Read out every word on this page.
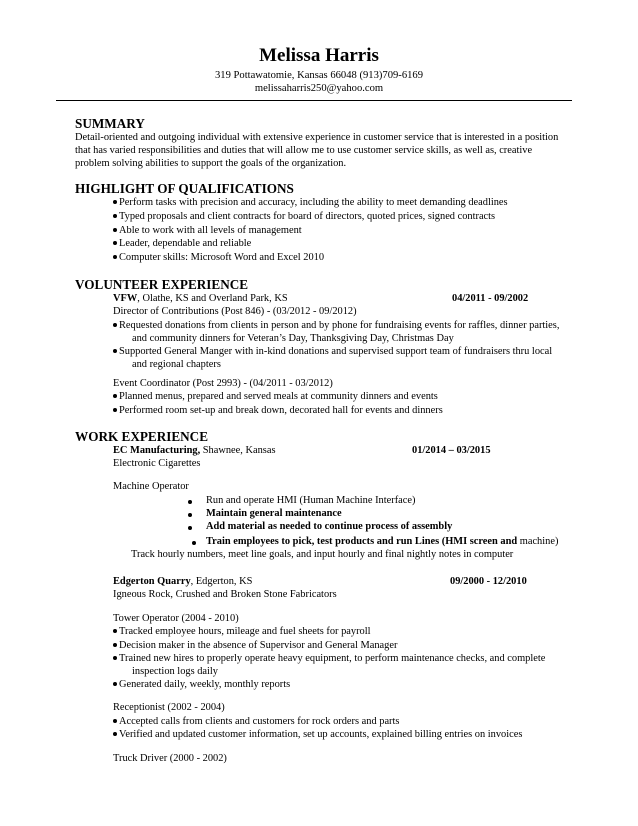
Melissa Harris
319 Pottawatomie, Kansas 66048 (913)709-6169
melissaharris250@yahoo.com
SUMMARY
Detail-oriented and outgoing individual with extensive experience in customer service that is interested in a position
that has varied responsibilities and duties that will allow me to use customer service skills, as well as, creative
problem solving abilities to support the goals of the organization.
HIGHLIGHT OF QUALIFICATIONS
Perform tasks with precision and accuracy, including the ability to meet demanding deadlines
Typed proposals and client contracts for board of directors, quoted prices, signed contracts
Able to work with all levels of management
Leader, dependable and reliable
Computer skills: Microsoft Word and Excel 2010
VOLUNTEER EXPERIENCE
VFW, Olathe, KS and Overland Park, KS	04/2011 - 09/2002
Director of Contributions (Post 846) - (03/2012 - 09/2012)
Requested donations from clients in person and by phone for fundraising events for raffles, dinner parties,
and community dinners for Veteran’s Day, Thanksgiving Day, Christmas Day
Supported General Manger with in-kind donations and supervised support team of fundraisers thru local
and regional chapters
Event Coordinator (Post 2993) - (04/2011 - 03/2012)
Planned menus, prepared and served meals at community dinners and events
Performed room set-up and break down, decorated hall for events and dinners
WORK EXPERIENCE
EC Manufacturing, Shawnee, Kansas	01/2014 – 03/2015
Electronic Cigarettes
Machine Operator
Run and operate HMI (Human Machine Interface)
Maintain general maintenance
Add material as needed to continue process of assembly
Train employees to pick, test products and run Lines (HMI screen and machine)
Track hourly numbers, meet line goals, and input hourly and final nightly notes in computer
Edgerton Quarry, Edgerton, KS	09/2000 - 12/2010
Igneous Rock, Crushed and Broken Stone Fabricators
Tower Operator (2004 - 2010)
Tracked employee hours, mileage and fuel sheets for payroll
Decision maker in the absence of Supervisor and General Manager
Trained new hires to properly operate heavy equipment, to perform maintenance checks, and complete
inspection logs daily
Generated daily, weekly, monthly reports
Receptionist (2002 - 2004)
Accepted calls from clients and customers for rock orders and parts
Verified and updated customer information, set up accounts, explained billing entries on invoices
Truck Driver (2000 - 2002)
